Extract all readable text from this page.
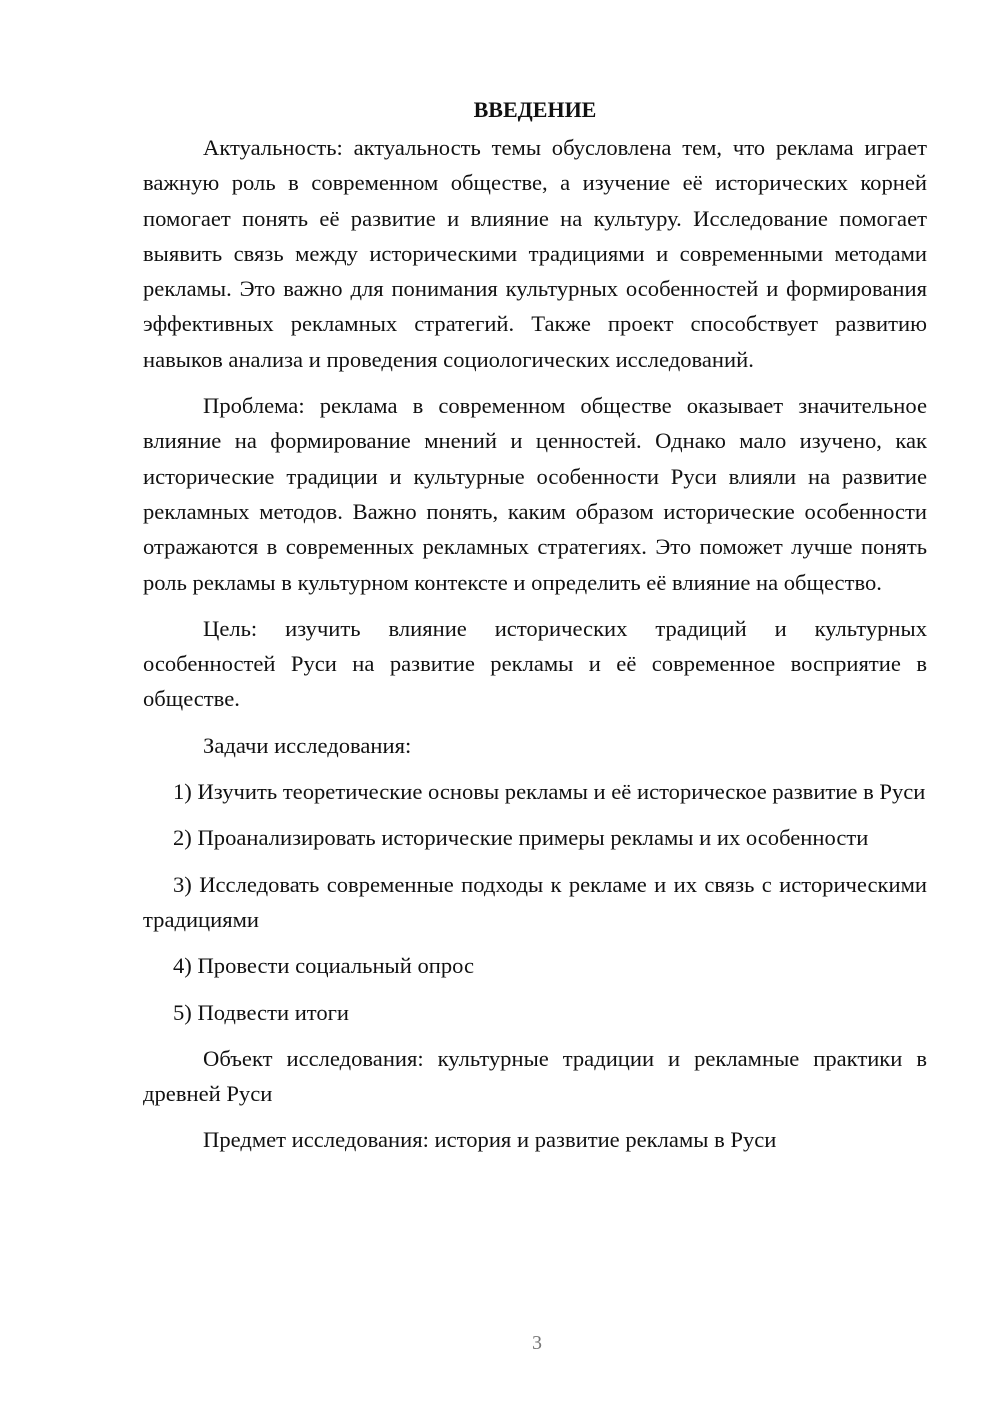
ВВЕДЕНИЕ

Актуальность: актуальность темы обусловлена тем, что реклама играет важную роль в современном обществе, а изучение её исторических корней помогает понять её развитие и влияние на культуру. Исследование помогает выявить связь между историческими традициями и современными методами рекламы. Это важно для понимания культурных особенностей и формирования эффективных рекламных стратегий. Также проект способствует развитию навыков анализа и проведения социологических исследований.

Проблема: реклама в современном обществе оказывает значительное влияние на формирование мнений и ценностей. Однако мало изучено, как исторические традиции и культурные особенности Руси влияли на развитие рекламных методов. Важно понять, каким образом исторические особенности отражаются в современных рекламных стратегиях. Это поможет лучше понять роль рекламы в культурном контексте и определить её влияние на общество.

Цель: изучить влияние исторических традиций и культурных особенностей Руси на развитие рекламы и её современное восприятие в обществе.

Задачи исследования:

1) Изучить теоретические основы рекламы и её историческое развитие в Руси

2) Проанализировать исторические примеры рекламы и их особенности

3) Исследовать современные подходы к рекламе и их связь с историческими традициями

4) Провести социальный опрос

5) Подвести итоги

Объект исследования: культурные традиции и рекламные практики в древней Руси

Предмет исследования: история и развитие рекламы в Руси

3
